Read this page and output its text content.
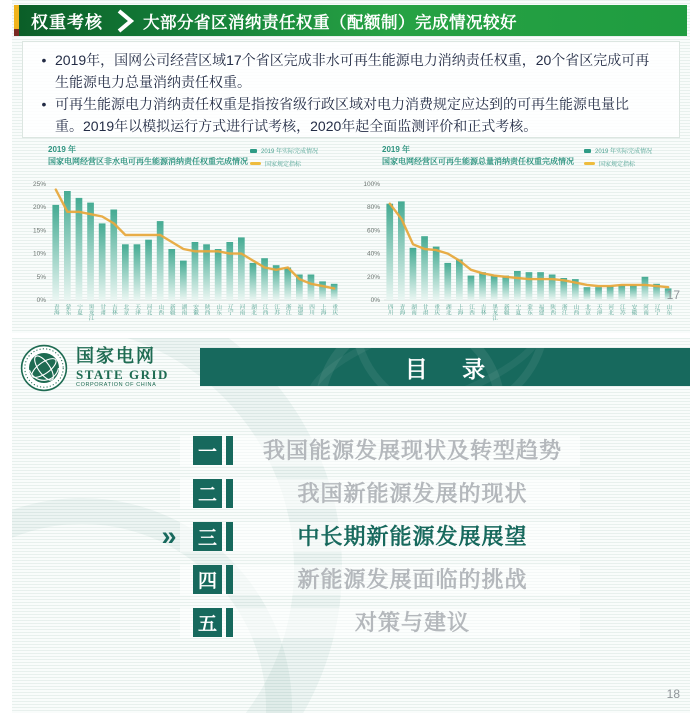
权重考核	大部分省区消纳责任权重（配额制）完成情况较好
• 2019年，国网公司经营区域17个省区完成非水可再生能源电力消纳责任权重，20个省区完成可再生能源电力总量消纳责任权重。
• 可再生能源电力消纳责任权重是指按省级行政区域对电力消费规定应达到的可再生能源电量比重。2019年以模拟运行方式进行试考核，2020年起全面监测评价和正式考核。
2019 年
国家电网经营区非水电可再生能源消纳责任权重完成情况
2019 年实际完成情况
国家规定指标
0%
5%
10%
15%
20%
25%
青海 蒙东 宁夏 黑龙江 甘肃 吉林 北京 天津 河北 山西 新疆 湖南 安徽 陕西 山东 辽宁 河南 湖北 江西 江苏 浙江 福建 四川 上海 重庆
2019 年
国家电网经营区可再生能源总量消纳责任权重完成情况
2019 年实际完成情况
国家规定指标
0%
20%
40%
60%
80%
100%
四川 青海 湖南 甘肃 重庆 湖北 上海 江西 吉林 黑龙江 新疆 宁夏 蒙东 福建 陕西 浙江 山西 北京 天津 河北 江苏 安徽 河南 辽宁 山东
17
国家电网
STATE GRID
CORPORATION OF CHINA
目 录
一	我国能源发展现状及转型趋势
二	我国新能源发展的现状
»	三	中长期新能源发展展望
四	新能源发展面临的挑战
五	对策与建议
18
